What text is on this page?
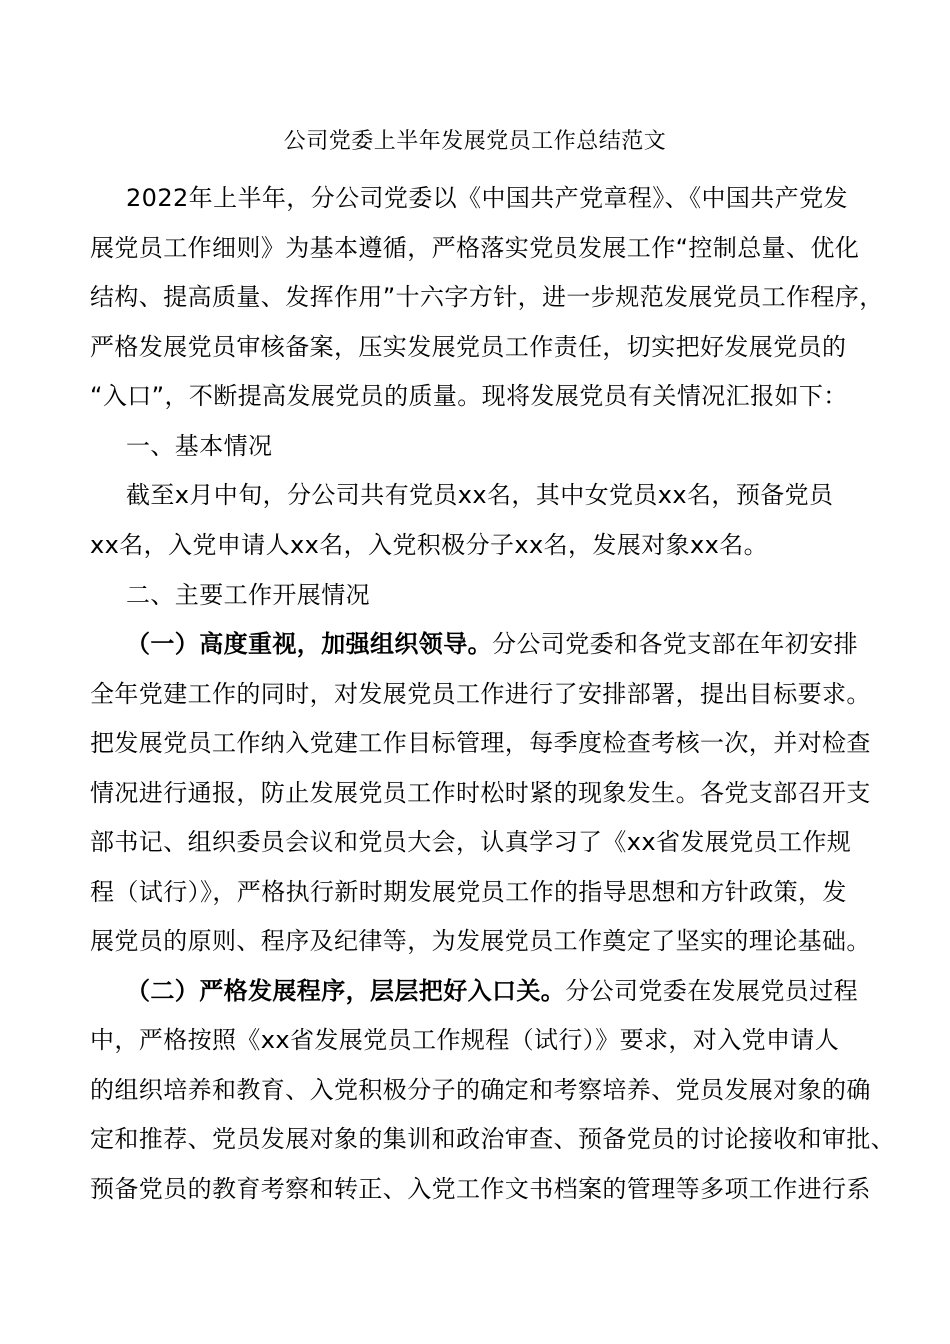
公司党委上半年发展党员工作总结范文
2022年上半年，分公司党委以《中国共产党章程》、《中国共产党发
展党员工作细则》为基本遵循，严格落实党员发展工作“控制总量、优化
结构、提高质量、发挥作用”十六字方针，进一步规范发展党员工作程序，
严格发展党员审核备案，压实发展党员工作责任，切实把好发展党员的
“入口”，不断提高发展党员的质量。现将发展党员有关情况汇报如下：
一、基本情况
截至x月中旬，分公司共有党员xx名，其中女党员xx名，预备党员
xx名，入党申请人xx名，入党积极分子xx名，发展对象xx名。
二、主要工作开展情况
（一）高度重视，加强组织领导。分公司党委和各党支部在年初安排
全年党建工作的同时，对发展党员工作进行了安排部署，提出目标要求。
把发展党员工作纳入党建工作目标管理，每季度检查考核一次，并对检查
情况进行通报，防止发展党员工作时松时紧的现象发生。各党支部召开支
部书记、组织委员会议和党员大会，认真学习了《xx省发展党员工作规
程（试行）》，严格执行新时期发展党员工作的指导思想和方针政策，发
展党员的原则、程序及纪律等，为发展党员工作奠定了坚实的理论基础。
（二）严格发展程序，层层把好入口关。分公司党委在发展党员过程
中，严格按照《xx省发展党员工作规程（试行）》要求，对入党申请人
的组织培养和教育、入党积极分子的确定和考察培养、党员发展对象的确
定和推荐、党员发展对象的集训和政治审查、预备党员的讨论接收和审批、
预备党员的教育考察和转正、入党工作文书档案的管理等多项工作进行系
